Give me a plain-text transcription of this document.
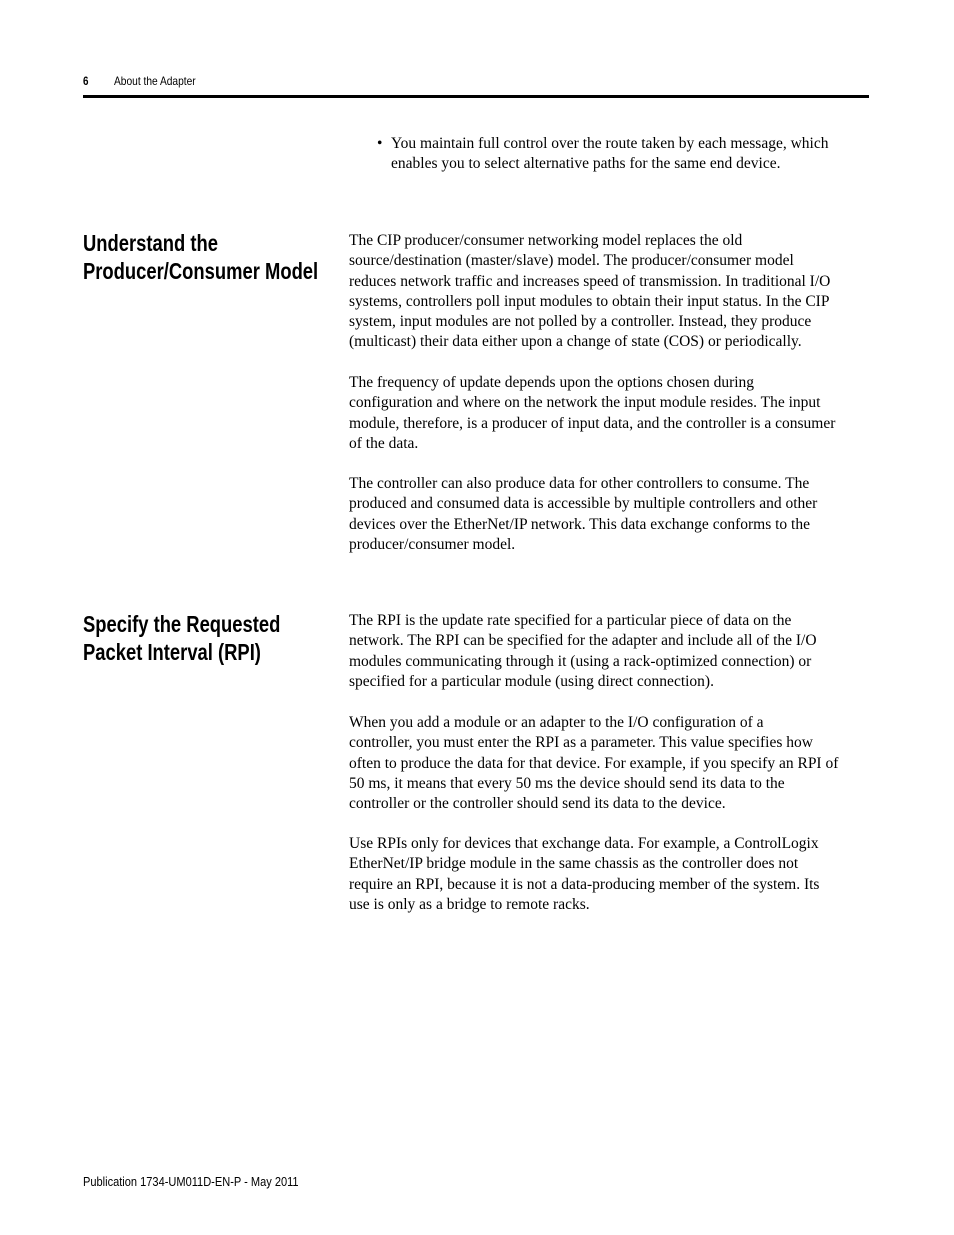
6 About the Adapter
• You maintain full control over the route taken by each message, which
enables you to select alternative paths for the same end device.
Understand the
Producer/Consumer Model

The CIP producer/consumer networking model replaces the old
source/destination (master/slave) model. The producer/consumer model
reduces network traffic and increases speed of transmission. In traditional I/O
systems, controllers poll input modules to obtain their input status. In the CIP
system, input modules are not polled by a controller. Instead, they produce
(multicast) their data either upon a change of state (COS) or periodically.

The frequency of update depends upon the options chosen during
configuration and where on the network the input module resides. The input
module, therefore, is a producer of input data, and the controller is a consumer
of the data.

The controller can also produce data for other controllers to consume. The
produced and consumed data is accessible by multiple controllers and other
devices over the EtherNet/IP network. This data exchange conforms to the
producer/consumer model.

Specify the Requested
Packet Interval (RPI)

The RPI is the update rate specified for a particular piece of data on the
network. The RPI can be specified for the adapter and include all of the I/O
modules communicating through it (using a rack-optimized connection) or
specified for a particular module (using direct connection).

When you add a module or an adapter to the I/O configuration of a
controller, you must enter the RPI as a parameter. This value specifies how
often to produce the data for that device. For example, if you specify an RPI of
50 ms, it means that every 50 ms the device should send its data to the
controller or the controller should send its data to the device.

Use RPIs only for devices that exchange data. For example, a ControlLogix
EtherNet/IP bridge module in the same chassis as the controller does not
require an RPI, because it is not a data-producing member of the system. Its
use is only as a bridge to remote racks.

Publication 1734-UM011D-EN-P - May 2011
